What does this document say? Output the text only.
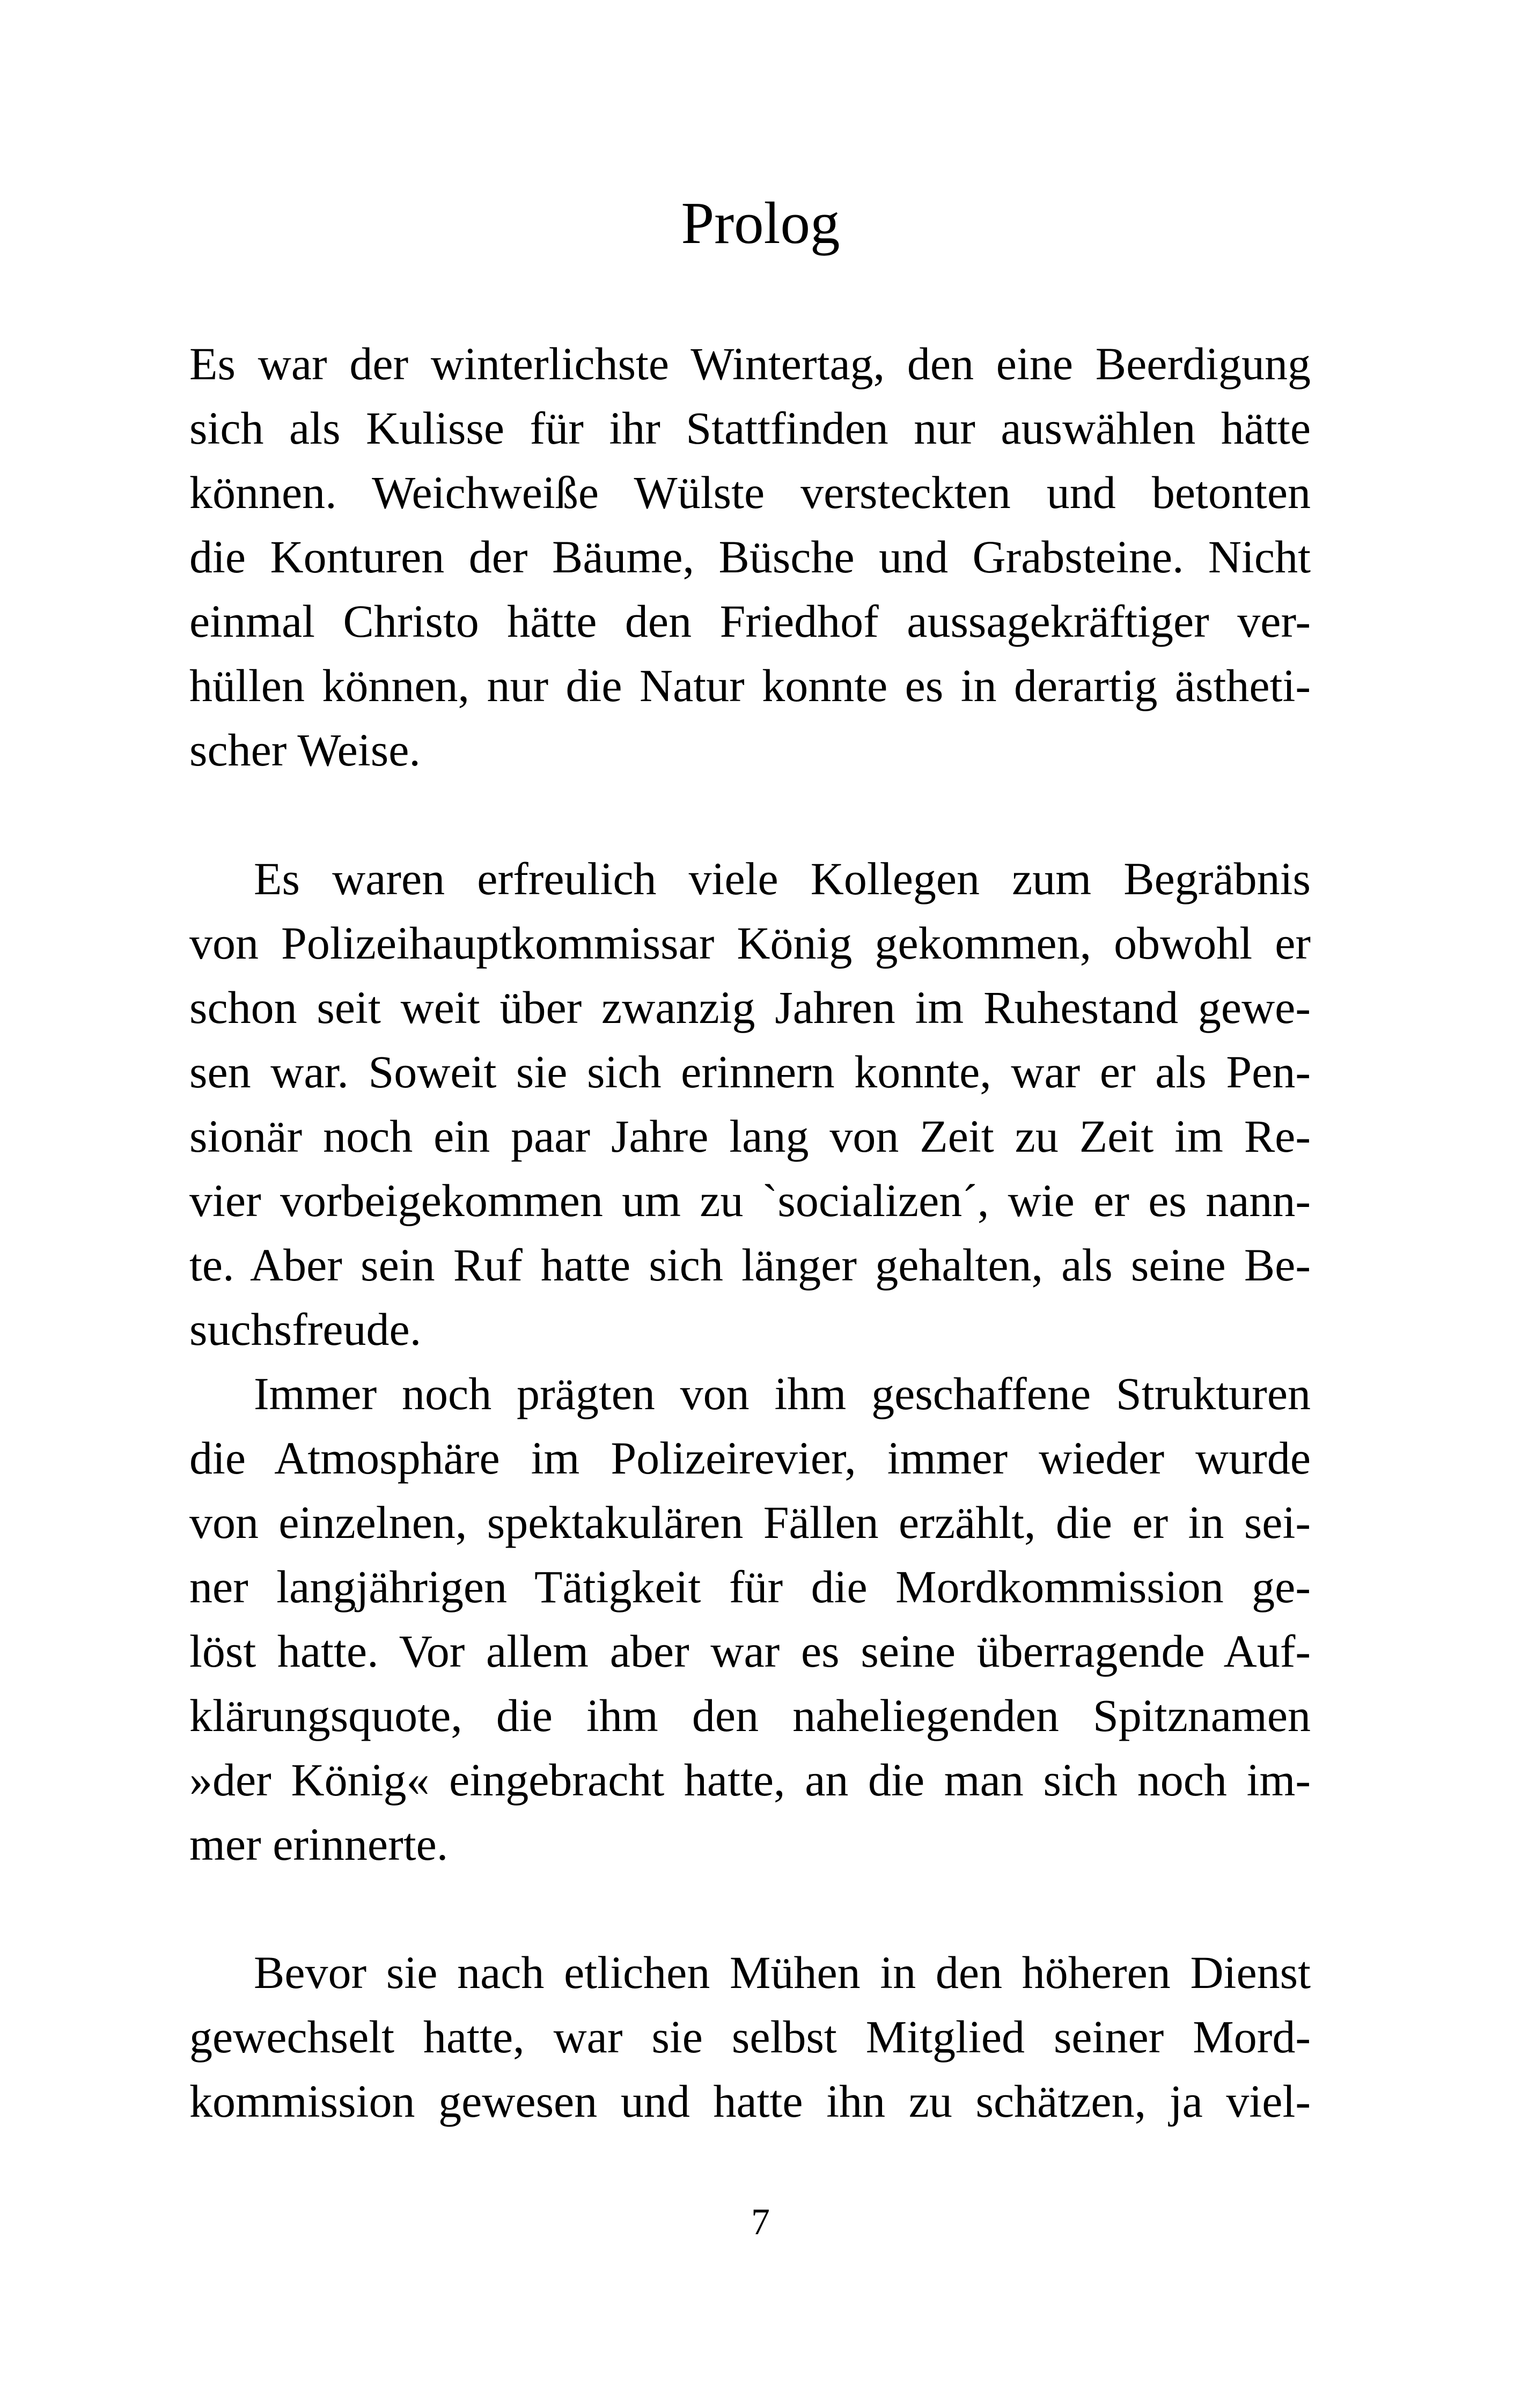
Prolog
Es war der winterlichste Wintertag, den eine Beerdigung
sich als Kulisse für ihr Stattfinden nur auswählen hätte
können. Weichweiße Wülste versteckten und betonten
die Konturen der Bäume, Büsche und Grabsteine. Nicht
einmal Christo hätte den Friedhof aussagekräftiger ver-
hüllen können, nur die Natur konnte es in derartig ästheti-
scher Weise.
Es waren erfreulich viele Kollegen zum Begräbnis
von Polizeihauptkommissar König gekommen, obwohl er
schon seit weit über zwanzig Jahren im Ruhestand gewe-
sen war. Soweit sie sich erinnern konnte, war er als Pen-
sionär noch ein paar Jahre lang von Zeit zu Zeit im Re-
vier vorbeigekommen um zu `socializen´, wie er es nann-
te. Aber sein Ruf hatte sich länger gehalten, als seine Be-
suchsfreude.
Immer noch prägten von ihm geschaffene Strukturen
die Atmosphäre im Polizeirevier, immer wieder wurde
von einzelnen, spektakulären Fällen erzählt, die er in sei-
ner langjährigen Tätigkeit für die Mordkommission ge-
löst hatte. Vor allem aber war es seine überragende Auf-
klärungsquote, die ihm den naheliegenden Spitznamen
»der König« eingebracht hatte, an die man sich noch im-
mer erinnerte.
Bevor sie nach etlichen Mühen in den höheren Dienst
gewechselt hatte, war sie selbst Mitglied seiner Mord-
kommission gewesen und hatte ihn zu schätzen, ja viel-
7
